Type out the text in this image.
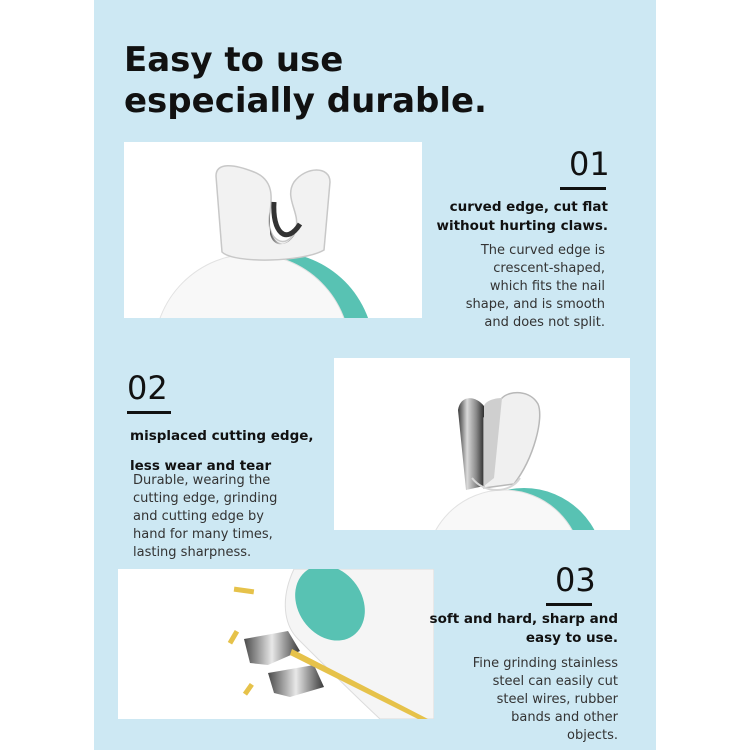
Easy to use
especially durable.
01
curved edge, cut flat
without hurting claws.
The curved edge is
crescent-shaped,
which fits the nail
shape, and is smooth
and does not split.
02
misplaced cutting edge,
less wear and tear
Durable, wearing the
cutting edge, grinding
and cutting edge by
hand for many times,
lasting sharpness.
03
soft and hard, sharp and
easy to use.
Fine grinding stainless
steel can easily cut
steel wires, rubber
bands and other
objects.
